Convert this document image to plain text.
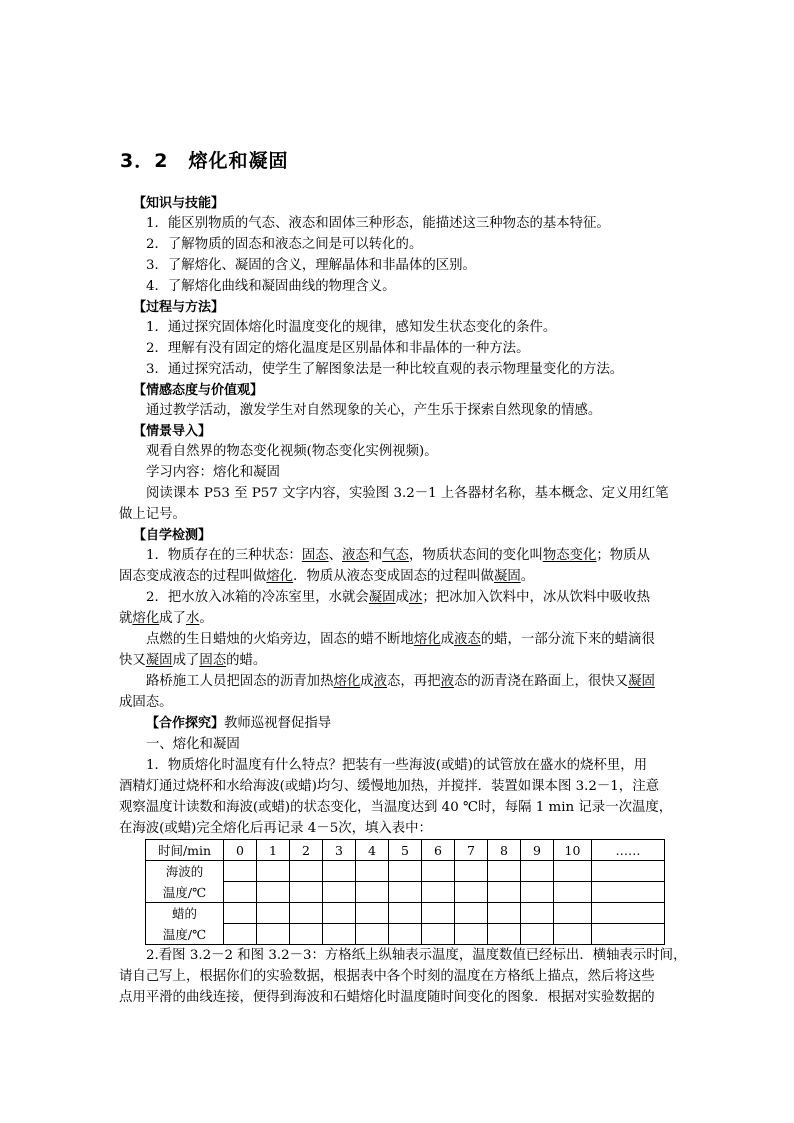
3．2　熔化和凝固
【知识与技能】
1．能区别物质的气态、液态和固体三种形态，能描述这三种物态的基本特征。
2．了解物质的固态和液态之间是可以转化的。
3．了解熔化、凝固的含义，理解晶体和非晶体的区别。
4．了解熔化曲线和凝固曲线的物理含义。
【过程与方法】
1．通过探究固体熔化时温度变化的规律，感知发生状态变化的条件。
2．理解有没有固定的熔化温度是区别晶体和非晶体的一种方法。
3．通过探究活动，使学生了解图象法是一种比较直观的表示物理量变化的方法。
【情感态度与价值观】
通过教学活动，激发学生对自然现象的关心，产生乐于探索自然现象的情感。
【情景导入】
观看自然界的物态变化视频(物态变化实例视频)。
学习内容：熔化和凝固
阅读课本 P53 至 P57 文字内容，实验图 3.2－1 上各器材名称，基本概念、定义用红笔
做上记号。
【自学检测】
1．物质存在的三种状态：固态、液态和气态，物质状态间的变化叫物态变化；物质从
固态变成液态的过程叫做熔化．物质从液态变成固态的过程叫做凝固。
2．把水放入冰箱的冷冻室里，水就会凝固成冰；把冰加入饮料中，冰从饮料中吸收热
就熔化成了水。
点燃的生日蜡烛的火焰旁边，固态的蜡不断地熔化成液态的蜡，一部分流下来的蜡滴很
快又凝固成了固态的蜡。
路桥施工人员把固态的沥青加热熔化成液态，再把液态的沥青浇在路面上，很快又凝固
成固态。
【合作探究】教师巡视督促指导
一、熔化和凝固
1．物质熔化时温度有什么特点？把装有一些海波(或蜡)的试管放在盛水的烧杯里，用
酒精灯通过烧杯和水给海波(或蜡)均匀、缓慢地加热，并搅拌．装置如课本图 3.2－1，注意
观察温度计读数和海波(或蜡)的状态变化，当温度达到 40 ℃时，每隔 1 min 记录一次温度，
在海波(或蜡)完全熔化后再记录 4－5次，填入表中：
时间/min	0	1	2	3	4	5	6	7	8	9	10	……
海波的												
温度/℃												
蜡的												
温度/℃												
2.看图 3.2－2 和图 3.2－3：方格纸上纵轴表示温度，温度数值已经标出．横轴表示时间，
请自己写上，根据你们的实验数据，根据表中各个时刻的温度在方格纸上描点，然后将这些
点用平滑的曲线连接，便得到海波和石蜡熔化时温度随时间变化的图象．根据对实验数据的
